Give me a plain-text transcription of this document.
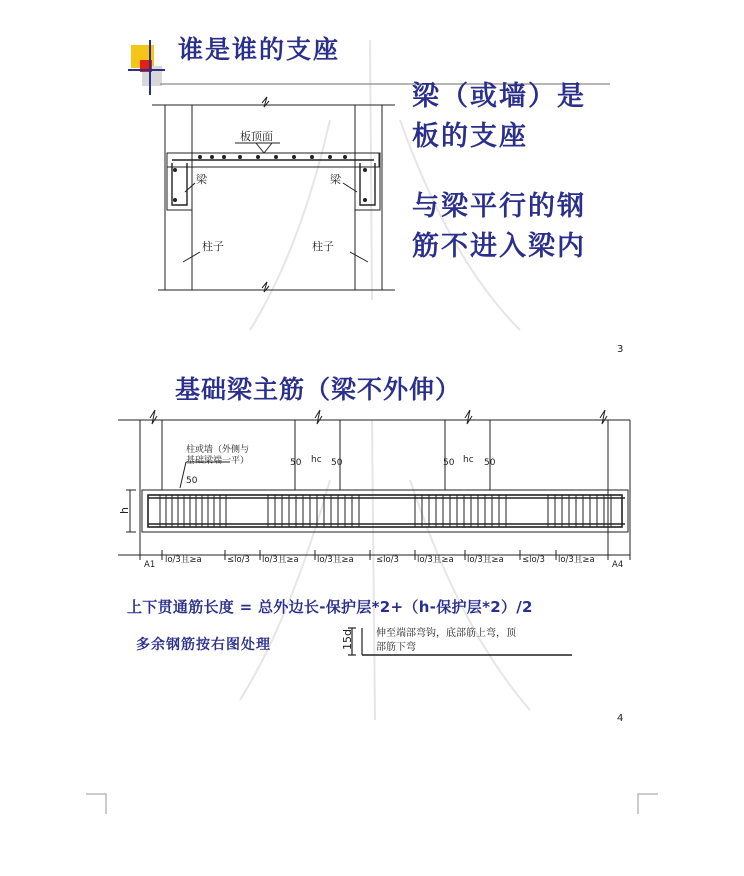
板顶面
梁	梁
柱子	柱子
柱或墙（外侧与
基础梁端一平）
50
50 hc 50	50 hc 50
h
A1 lo/3且≥a	≤lo/3 lo/3且≥a lo/3且≥a	≤lo/3 lo/3且≥a lo/3且≥a ≤lo/3 lo/3且≥a A4
15d 伸至端部弯钩，底部筋上弯，顶
部筋下弯
谁是谁的支座
梁（或墙）是
板的支座
与梁平行的钢
筋不进入梁内
3
基础梁主筋（梁不外伸）
上下贯通筋长度 = 总外边长-保护层*2+（h-保护层*2）/2
多余钢筋按右图处理
4
